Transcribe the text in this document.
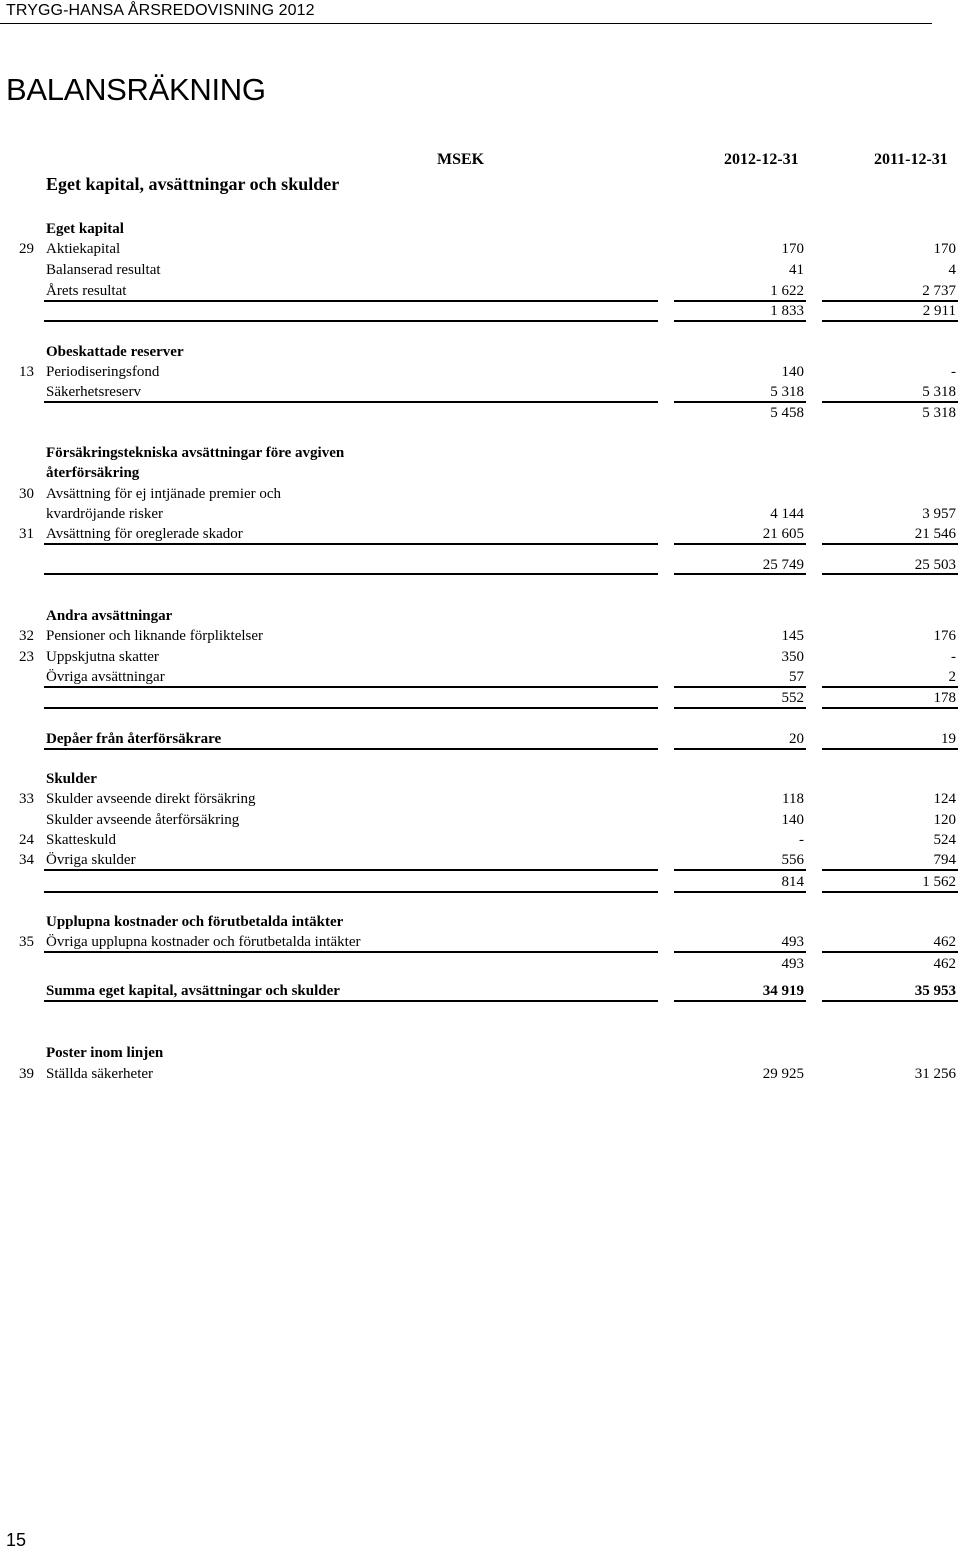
TRYGG-HANSA ÅRSREDOVISNING 2012
BALANSRÄKNING
Eget kapital, avsättningar och skulder
MSEK	2012-12-31	2011-12-31
Eget kapital
29 Aktiekapital	170	170
Balanserad resultat	41	4
Årets resultat	1 622	2 737
1 833	2 911
Obeskattade reserver
13 Periodiseringsfond	140	-
Säkerhetsreserv	5 318	5 318
5 458	5 318
Försäkringstekniska avsättningar före avgiven
återförsäkring
30 Avsättning för ej intjänade premier och
kvardröjande risker	4 144	3 957
31 Avsättning för oreglerade skador	21 605	21 546
25 749	25 503
Andra avsättningar
32 Pensioner och liknande förpliktelser	145	176
23 Uppskjutna skatter	350	-
Övriga avsättningar	57	2
552	178
Depåer från återförsäkrare	20	19
Skulder
33 Skulder avseende direkt försäkring	118	124
Skulder avseende återförsäkring	140	120
24 Skatteskuld	-	524
34 Övriga skulder	556	794
814	1 562
Upplupna kostnader och förutbetalda intäkter
35 Övriga upplupna kostnader och förutbetalda intäkter	493	462
493	462
Summa eget kapital, avsättningar och skulder	34 919	35 953
Poster inom linjen
39 Ställda säkerheter	29 925	31 256
15
